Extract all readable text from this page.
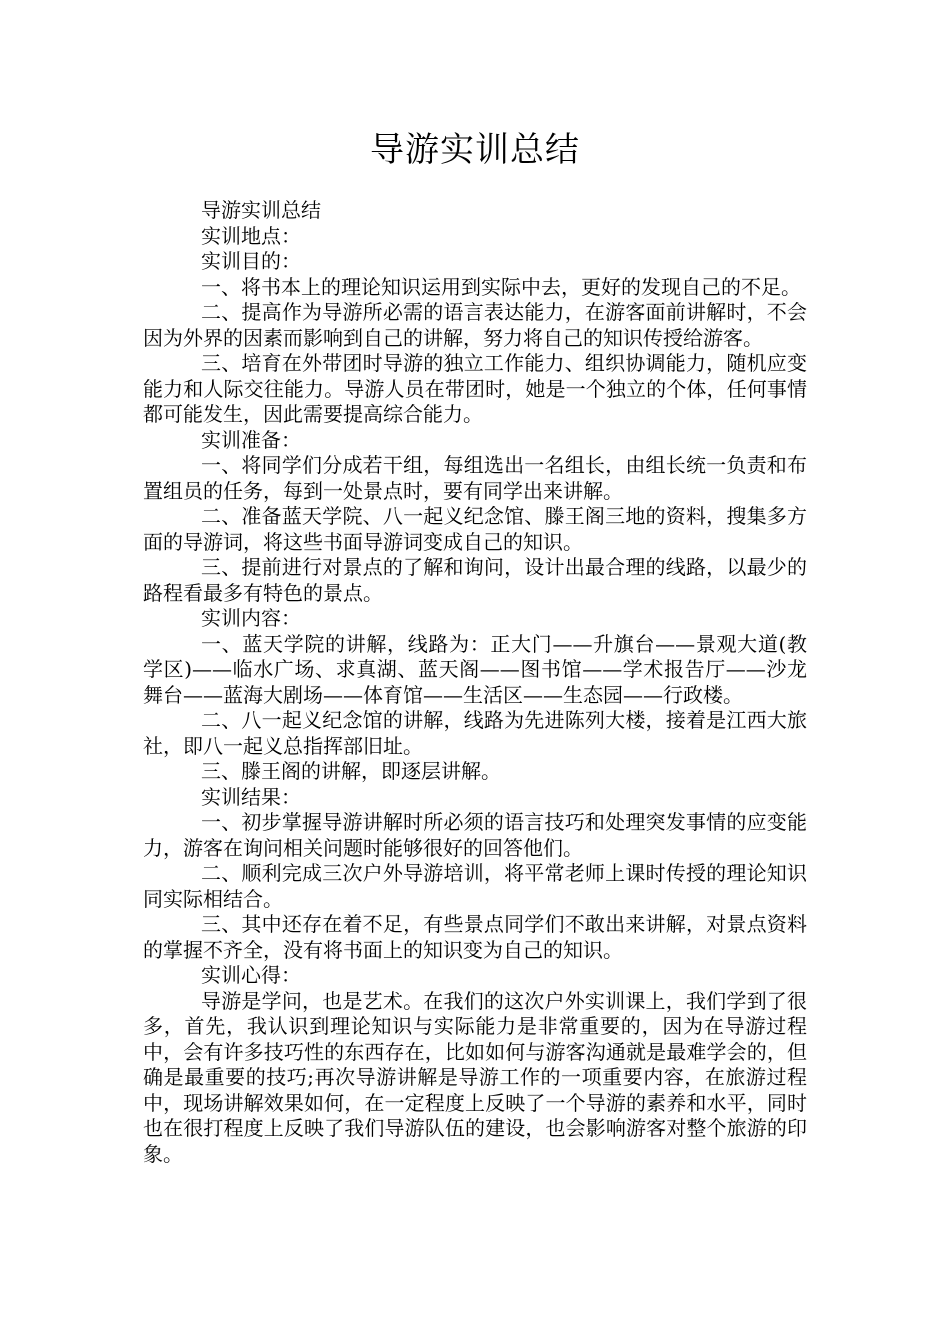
导游实训总结

导游实训总结

实训地点：

实训目的：

一、将书本上的理论知识运用到实际中去，更好的发现自己的不足。

二、提高作为导游所必需的语言表达能力，在游客面前讲解时，不会因为外界的因素而影响到自己的讲解，努力将自己的知识传授给游客。

三、培育在外带团时导游的独立工作能力、组织协调能力，随机应变能力和人际交往能力。导游人员在带团时，她是一个独立的个体，任何事情都可能发生，因此需要提高综合能力。

实训准备：

一、将同学们分成若干组，每组选出一名组长，由组长统一负责和布置组员的任务，每到一处景点时，要有同学出来讲解。

二、准备蓝天学院、八一起义纪念馆、滕王阁三地的资料，搜集多方面的导游词，将这些书面导游词变成自己的知识。

三、提前进行对景点的了解和询问，设计出最合理的线路，以最少的路程看最多有特色的景点。

实训内容：

一、蓝天学院的讲解，线路为：正大门——升旗台——景观大道(教学区)——临水广场、求真湖、蓝天阁——图书馆——学术报告厅——沙龙舞台——蓝海大剧场——体育馆——生活区——生态园——行政楼。

二、八一起义纪念馆的讲解，线路为先进陈列大楼，接着是江西大旅社，即八一起义总指挥部旧址。

三、滕王阁的讲解，即逐层讲解。

实训结果：

一、初步掌握导游讲解时所必须的语言技巧和处理突发事情的应变能力，游客在询问相关问题时能够很好的回答他们。

二、顺利完成三次户外导游培训，将平常老师上课时传授的理论知识同实际相结合。

三、其中还存在着不足，有些景点同学们不敢出来讲解，对景点资料的掌握不齐全，没有将书面上的知识变为自己的知识。

实训心得：

导游是学问，也是艺术。在我们的这次户外实训课上，我们学到了很多，首先，我认识到理论知识与实际能力是非常重要的，因为在导游过程中，会有许多技巧性的东西存在，比如如何与游客沟通就是最难学会的，但确是最重要的技巧;再次导游讲解是导游工作的一项重要内容，在旅游过程中，现场讲解效果如何，在一定程度上反映了一个导游的素养和水平，同时也在很打程度上反映了我们导游队伍的建设，也会影响游客对整个旅游的印象。
